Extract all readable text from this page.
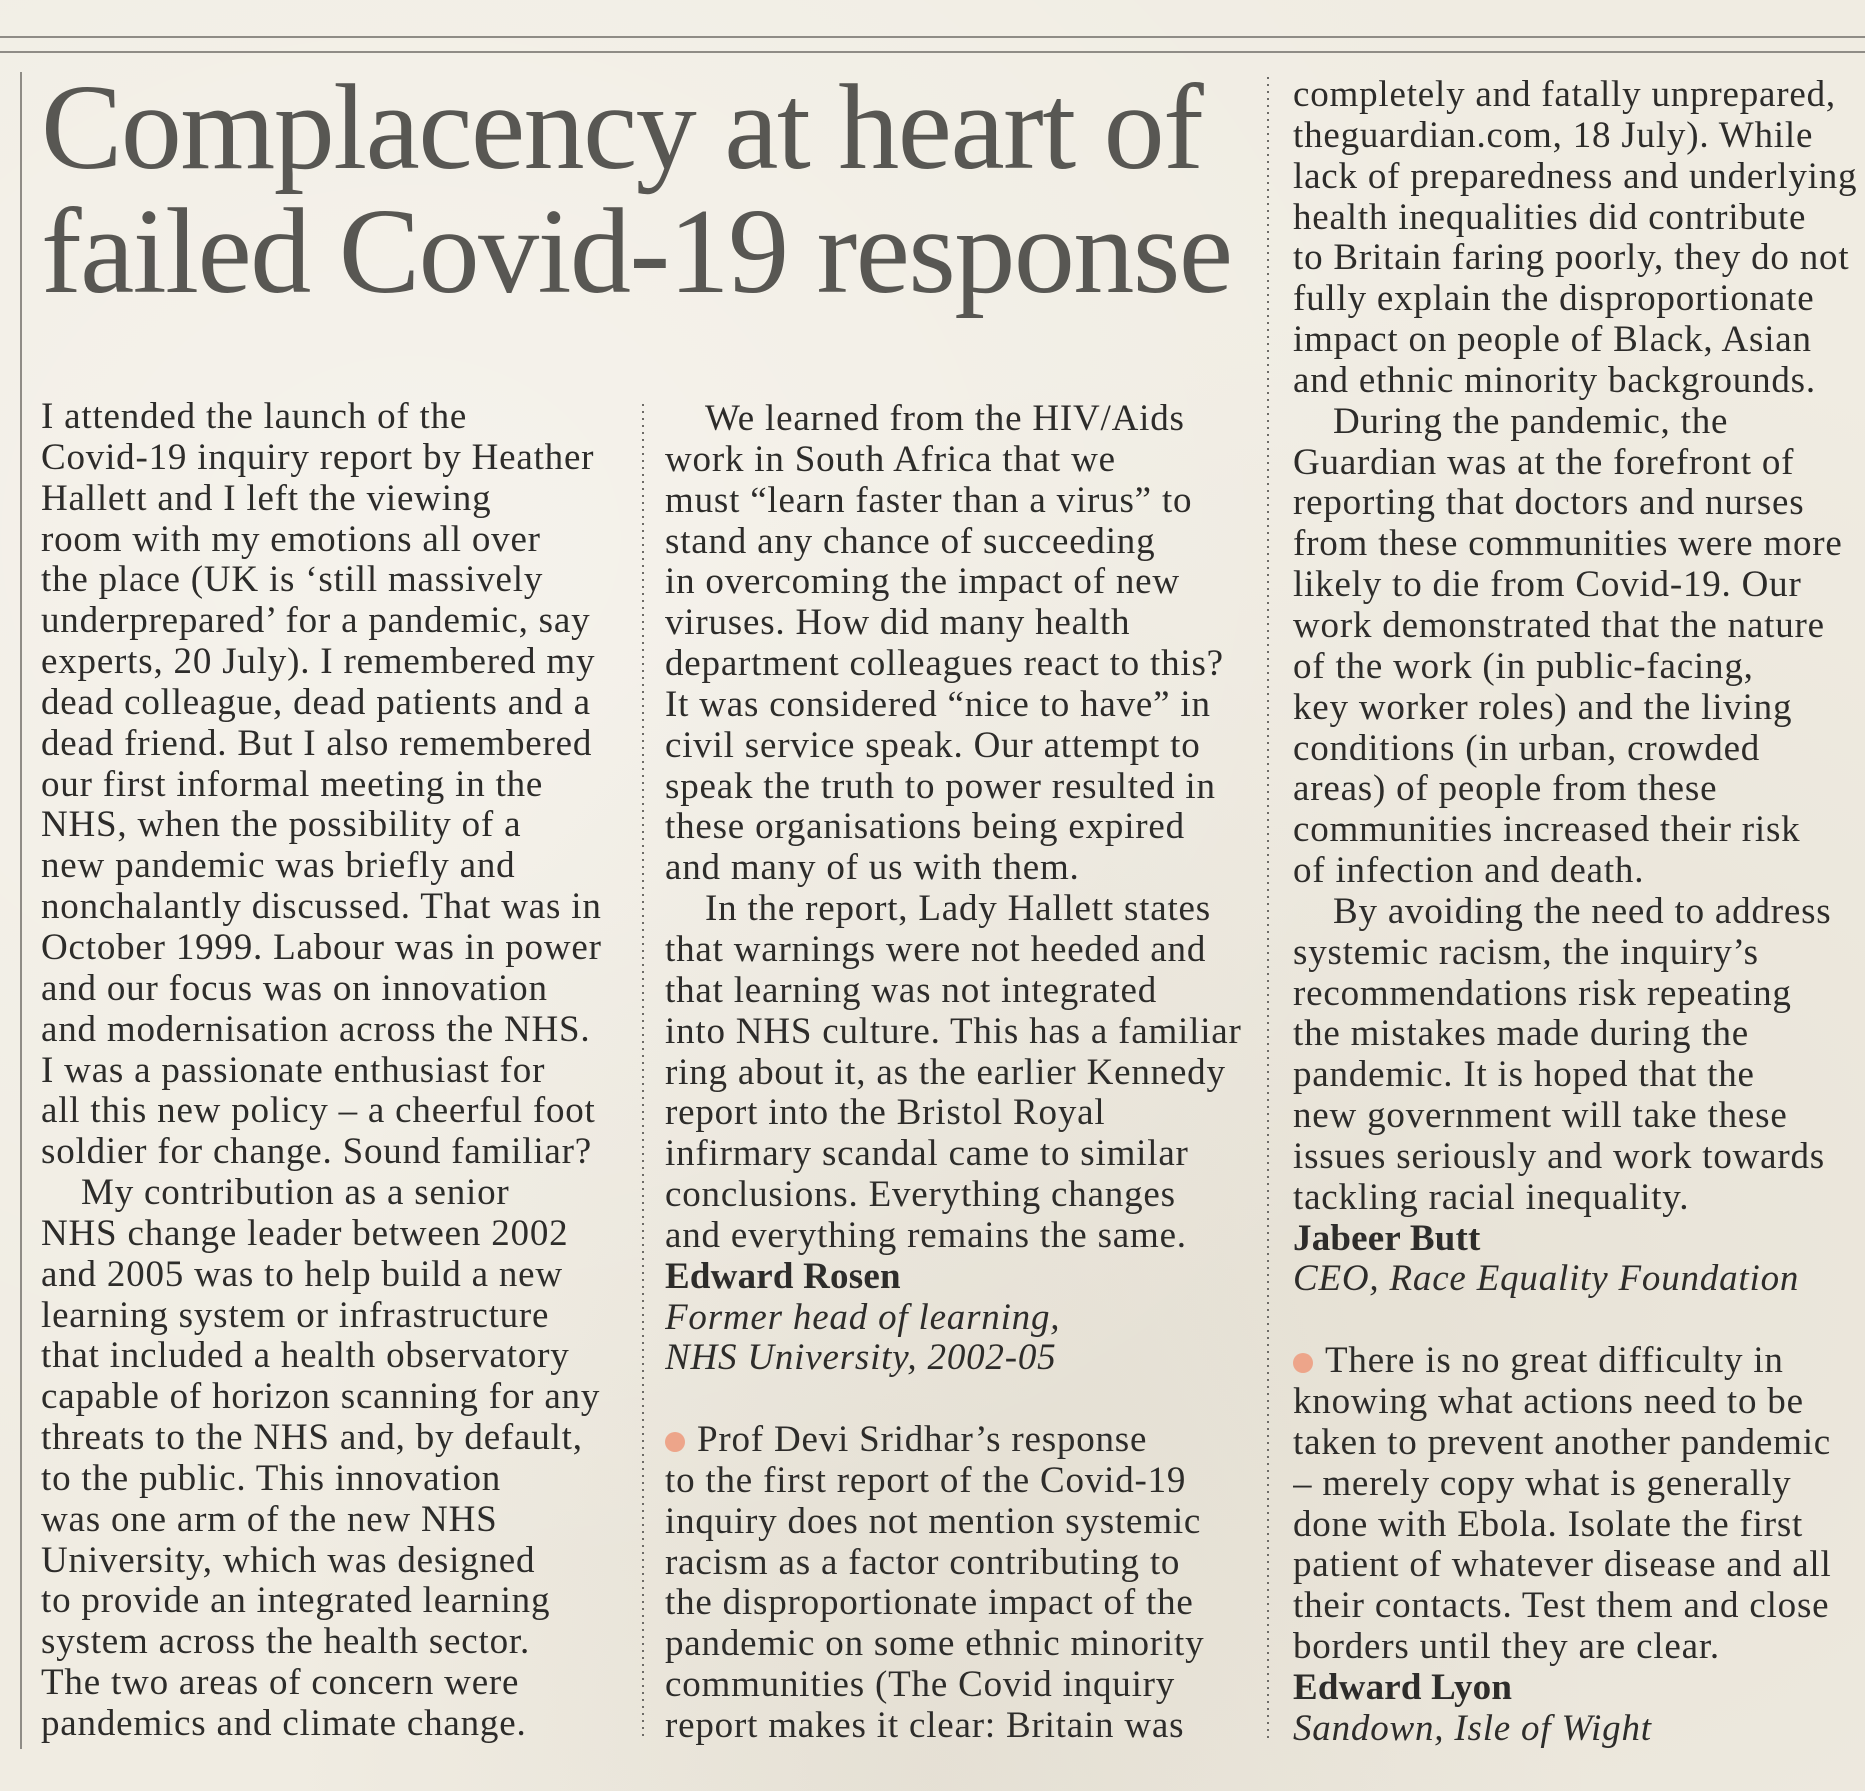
Complacency at heart of
failed Covid-19 response
I attended the launch of the
Covid-19 inquiry report by Heather
Hallett and I left the viewing
room with my emotions all over
the place (UK is ‘still massively
underprepared’ for a pandemic, say
experts, 20 July). I remembered my
dead colleague, dead patients and a
dead friend. But I also remembered
our first informal meeting in the
NHS, when the possibility of a
new pandemic was briefly and
nonchalantly discussed. That was in
October 1999. Labour was in power
and our focus was on innovation
and modernisation across the NHS.
I was a passionate enthusiast for
all this new policy – a cheerful foot
soldier for change. Sound familiar?
My contribution as a senior
NHS change leader between 2002
and 2005 was to help build a new
learning system or infrastructure
that included a health observatory
capable of horizon scanning for any
threats to the NHS and, by default,
to the public. This innovation
was one arm of the new NHS
University, which was designed
to provide an integrated learning
system across the health sector.
The two areas of concern were
pandemics and climate change.
We learned from the HIV/Aids
work in South Africa that we
must “learn faster than a virus” to
stand any chance of succeeding
in overcoming the impact of new
viruses. How did many health
department colleagues react to this?
It was considered “nice to have” in
civil service speak. Our attempt to
speak the truth to power resulted in
these organisations being expired
and many of us with them.
In the report, Lady Hallett states
that warnings were not heeded and
that learning was not integrated
into NHS culture. This has a familiar
ring about it, as the earlier Kennedy
report into the Bristol Royal
infirmary scandal came to similar
conclusions. Everything changes
and everything remains the same.
Edward Rosen
Former head of learning,
NHS University, 2002-05
Prof Devi Sridhar’s response
to the first report of the Covid-19
inquiry does not mention systemic
racism as a factor contributing to
the disproportionate impact of the
pandemic on some ethnic minority
communities (The Covid inquiry
report makes it clear: Britain was
completely and fatally unprepared,
theguardian.com, 18 July). While
lack of preparedness and underlying
health inequalities did contribute
to Britain faring poorly, they do not
fully explain the disproportionate
impact on people of Black, Asian
and ethnic minority backgrounds.
During the pandemic, the
Guardian was at the forefront of
reporting that doctors and nurses
from these communities were more
likely to die from Covid-19. Our
work demonstrated that the nature
of the work (in public-facing,
key worker roles) and the living
conditions (in urban, crowded
areas) of people from these
communities increased their risk
of infection and death.
By avoiding the need to address
systemic racism, the inquiry’s
recommendations risk repeating
the mistakes made during the
pandemic. It is hoped that the
new government will take these
issues seriously and work towards
tackling racial inequality.
Jabeer Butt
CEO, Race Equality Foundation
There is no great difficulty in
knowing what actions need to be
taken to prevent another pandemic
– merely copy what is generally
done with Ebola. Isolate the first
patient of whatever disease and all
their contacts. Test them and close
borders until they are clear.
Edward Lyon
Sandown, Isle of Wight
